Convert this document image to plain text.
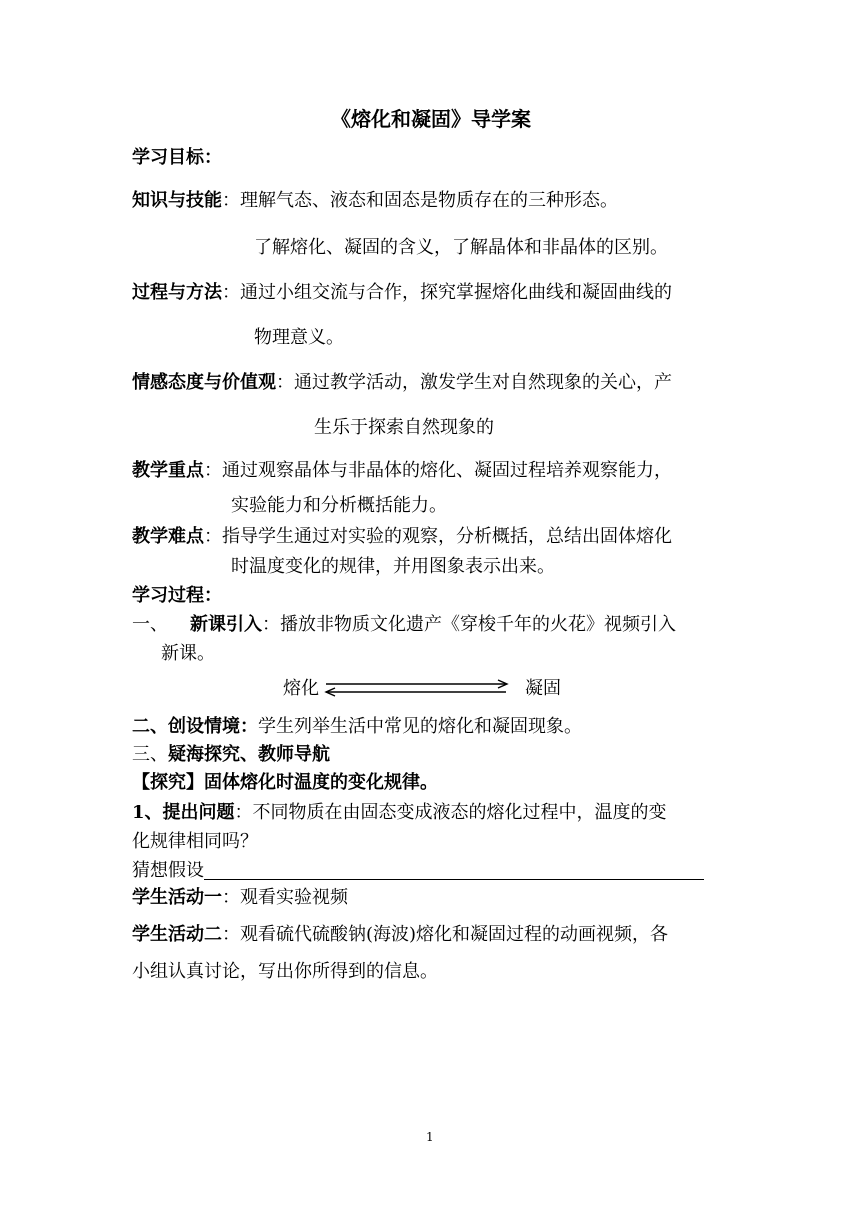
《熔化和凝固》导学案
学习目标：
知识与技能：理解气态、液态和固态是物质存在的三种形态。
了解熔化、凝固的含义，了解晶体和非晶体的区别。
过程与方法：通过小组交流与合作，探究掌握熔化曲线和凝固曲线的
物理意义。
情感态度与价值观：通过教学活动，激发学生对自然现象的关心，产
生乐于探索自然现象的
教学重点：通过观察晶体与非晶体的熔化、凝固过程培养观察能力，
实验能力和分析概括能力。
教学难点：指导学生通过对实验的观察，分析概括，总结出固体熔化
时温度变化的规律，并用图象表示出来。
学习过程：
一、 新课引入：播放非物质文化遗产《穿梭千年的火花》视频引入
新课。
熔化	凝固
二、创设情境：学生列举生活中常见的熔化和凝固现象。
三、疑海探究、教师导航
【探究】固体熔化时温度的变化规律。
1、提出问题：不同物质在由固态变成液态的熔化过程中，温度的变
化规律相同吗？
猜想假设
学生活动一：观看实验视频
学生活动二：观看硫代硫酸钠(海波)熔化和凝固过程的动画视频，各
小组认真讨论，写出你所得到的信息。
1
